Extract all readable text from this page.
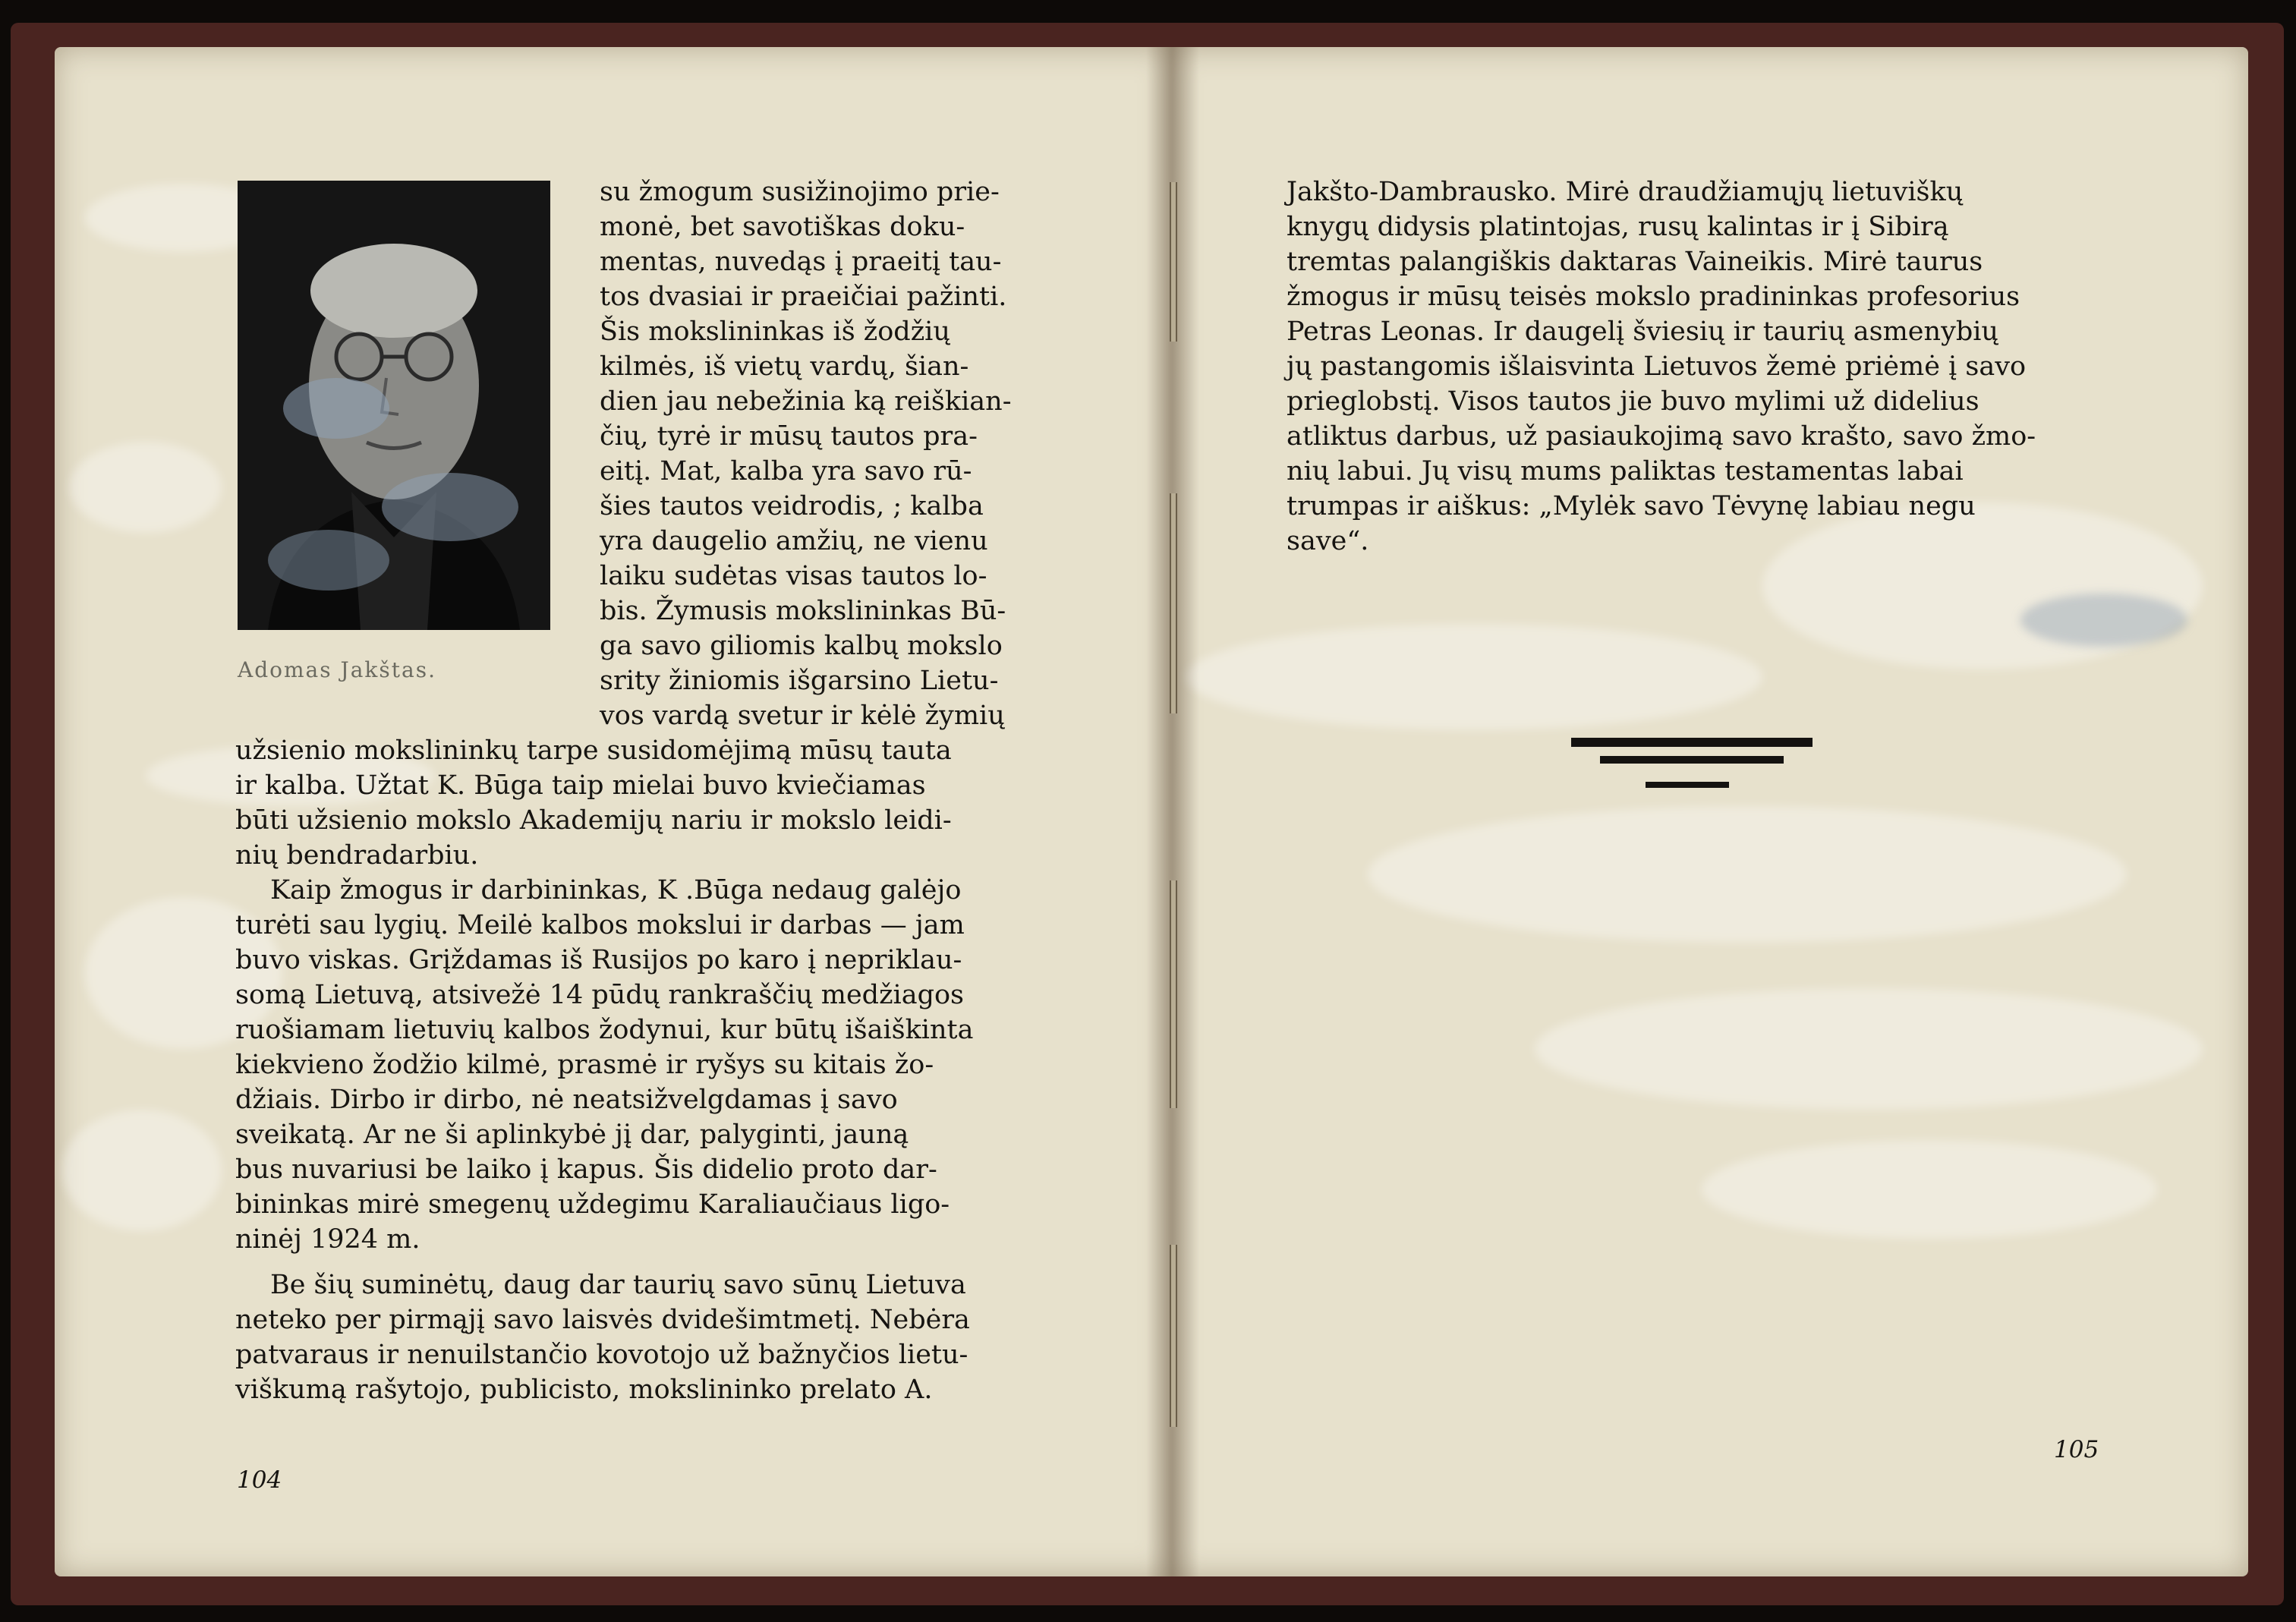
Adomas Jakštas.
su žmogum susižinojimo prie-
monė, bet savotiškas doku-
mentas, nuvedąs į praeitį tau-
tos dvasiai ir praeičiai pažinti.
Šis mokslininkas iš žodžių
kilmės, iš vietų vardų, šian-
dien jau nebežinia ką reiškian-
čių, tyrė ir mūsų tautos pra-
eitį. Mat, kalba yra savo rū-
šies tautos veidrodis, ; kalba
yra daugelio amžių, ne vienu
laiku sudėtas visas tautos lo-
bis. Žymusis mokslininkas Bū-
ga savo giliomis kalbų mokslo
srity žiniomis išgarsino Lietu-
vos vardą svetur ir kėlė žymių
užsienio mokslininkų tarpe susidomėjimą mūsų tauta
ir kalba. Užtat K. Būga taip mielai buvo kviečiamas
būti užsienio mokslo Akademijų nariu ir mokslo leidi-
nių bendradarbiu.
Kaip žmogus ir darbininkas, K .Būga nedaug galėjo
turėti sau lygių. Meilė kalbos mokslui ir darbas — jam
buvo viskas. Grįždamas iš Rusijos po karo į nepriklau-
somą Lietuvą, atsivežė 14 pūdų rankraščių medžiagos
ruošiamam lietuvių kalbos žodynui, kur būtų išaiškinta
kiekvieno žodžio kilmė, prasmė ir ryšys su kitais žo-
džiais. Dirbo ir dirbo, nė neatsižvelgdamas į savo
sveikatą. Ar ne ši aplinkybė jį dar, palyginti, jauną
bus nuvariusi be laiko į kapus. Šis didelio proto dar-
bininkas mirė smegenų uždegimu Karaliaučiaus ligo-
ninėj 1924 m.
Be šių suminėtų, daug dar taurių savo sūnų Lietuva
neteko per pirmąjį savo laisvės dvidešimtmetį. Nebėra
patvaraus ir nenuilstančio kovotojo už bažnyčios lietu-
viškumą rašytojo, publicisto, mokslininko prelato A.
104
Jakšto-Dambrausko. Mirė draudžiamųjų lietuviškų
knygų didysis platintojas, rusų kalintas ir į Sibirą
tremtas palangiškis daktaras Vaineikis. Mirė taurus
žmogus ir mūsų teisės mokslo pradininkas profesorius
Petras Leonas. Ir daugelį šviesių ir taurių asmenybių
jų pastangomis išlaisvinta Lietuvos žemė priėmė į savo
prieglobstį. Visos tautos jie buvo mylimi už didelius
atliktus darbus, už pasiaukojimą savo krašto, savo žmo-
nių labui. Jų visų mums paliktas testamentas labai
trumpas ir aiškus: „Mylėk savo Tėvynę labiau negu
save“.
105
